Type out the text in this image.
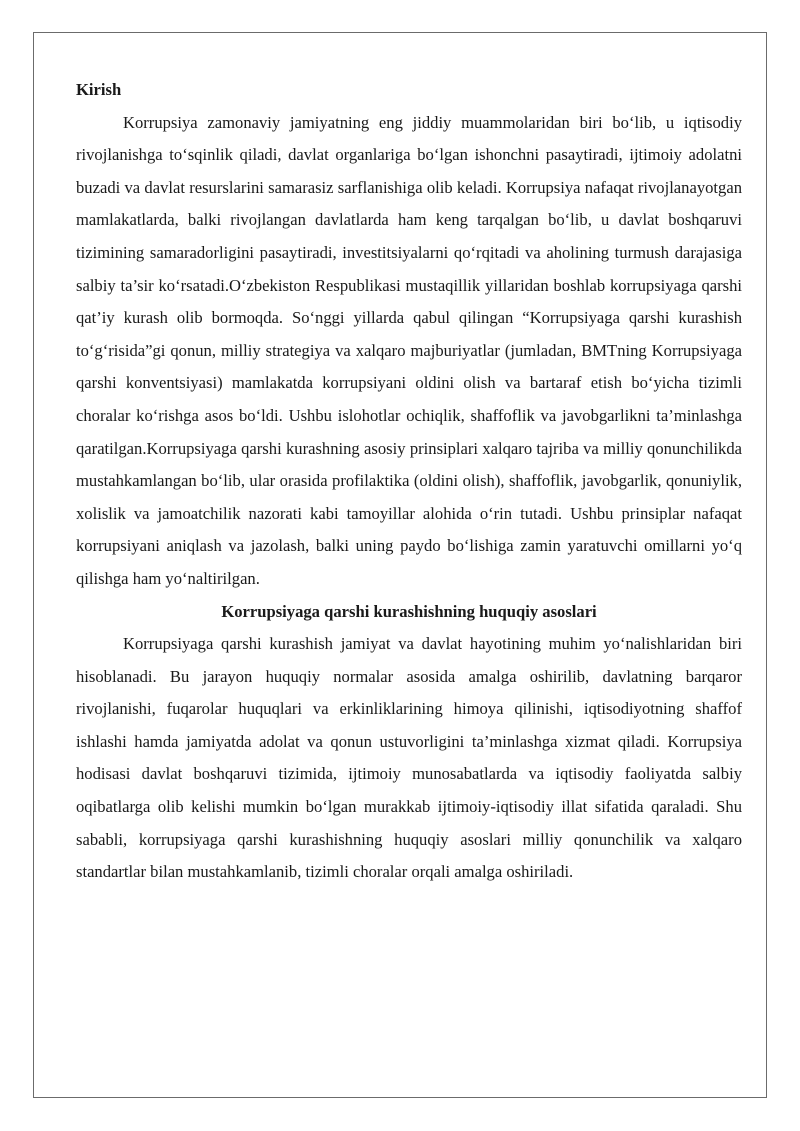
Kirish

Korrupsiya zamonaviy jamiyatning eng jiddiy muammolaridan biri bo‘lib, u iqtisodiy rivojlanishga to‘sqinlik qiladi, davlat organlariga bo‘lgan ishonchni pasaytiradi, ijtimoiy adolatni buzadi va davlat resurslarini samarasiz sarflanishiga olib keladi. Korrupsiya nafaqat rivojlanayotgan mamlakatlarda, balki rivojlangan davlatlarda ham keng tarqalgan bo‘lib, u davlat boshqaruvi tizimining samaradorligini pasaytiradi, investitsiyalarni qo‘rqitadi va aholining turmush darajasiga salbiy ta’sir ko‘rsatadi.O‘zbekiston Respublikasi mustaqillik yillaridan boshlab korrupsiyaga qarshi qat’iy kurash olib bormoqda. So‘nggi yillarda qabul qilingan “Korrupsiyaga qarshi kurashish to‘g‘risida”gi qonun, milliy strategiya va xalqaro majburiyatlar (jumladan, BMTning Korrupsiyaga qarshi konventsiyasi) mamlakatda korrupsiyani oldini olish va bartaraf etish bo‘yicha tizimli choralar ko‘rishga asos bo‘ldi. Ushbu islohotlar ochiqlik, shaffoflik va javobgarlikni ta’minlashga qaratilgan.Korrupsiyaga qarshi kurashning asosiy prinsiplari xalqaro tajriba va milliy qonunchilikda mustahkamlangan bo‘lib, ular orasida profilaktika (oldini olish), shaffoflik, javobgarlik, qonuniylik, xolislik va jamoatchilik nazorati kabi tamoyillar alohida o‘rin tutadi. Ushbu prinsiplar nafaqat korrupsiyani aniqlash va jazolash, balki uning paydo bo‘lishiga zamin yaratuvchi omillarni yo‘q qilishga ham yo‘naltirilgan.

Korrupsiyaga qarshi kurashishning huquqiy asoslari

Korrupsiyaga qarshi kurashish jamiyat va davlat hayotining muhim yo‘nalishlaridan biri hisoblanadi. Bu jarayon huquqiy normalar asosida amalga oshirilib, davlatning barqaror rivojlanishi, fuqarolar huquqlari va erkinliklarining himoya qilinishi, iqtisodiyotning shaffof ishlashi hamda jamiyatda adolat va qonun ustuvorligini ta’minlashga xizmat qiladi. Korrupsiya hodisasi davlat boshqaruvi tizimida, ijtimoiy munosabatlarda va iqtisodiy faoliyatda salbiy oqibatlarga olib kelishi mumkin bo‘lgan murakkab ijtimoiy-iqtisodiy illat sifatida qaraladi. Shu sababli, korrupsiyaga qarshi kurashishning huquqiy asoslari milliy qonunchilik va xalqaro standartlar bilan mustahkamlanib, tizimli choralar orqali amalga oshiriladi.
